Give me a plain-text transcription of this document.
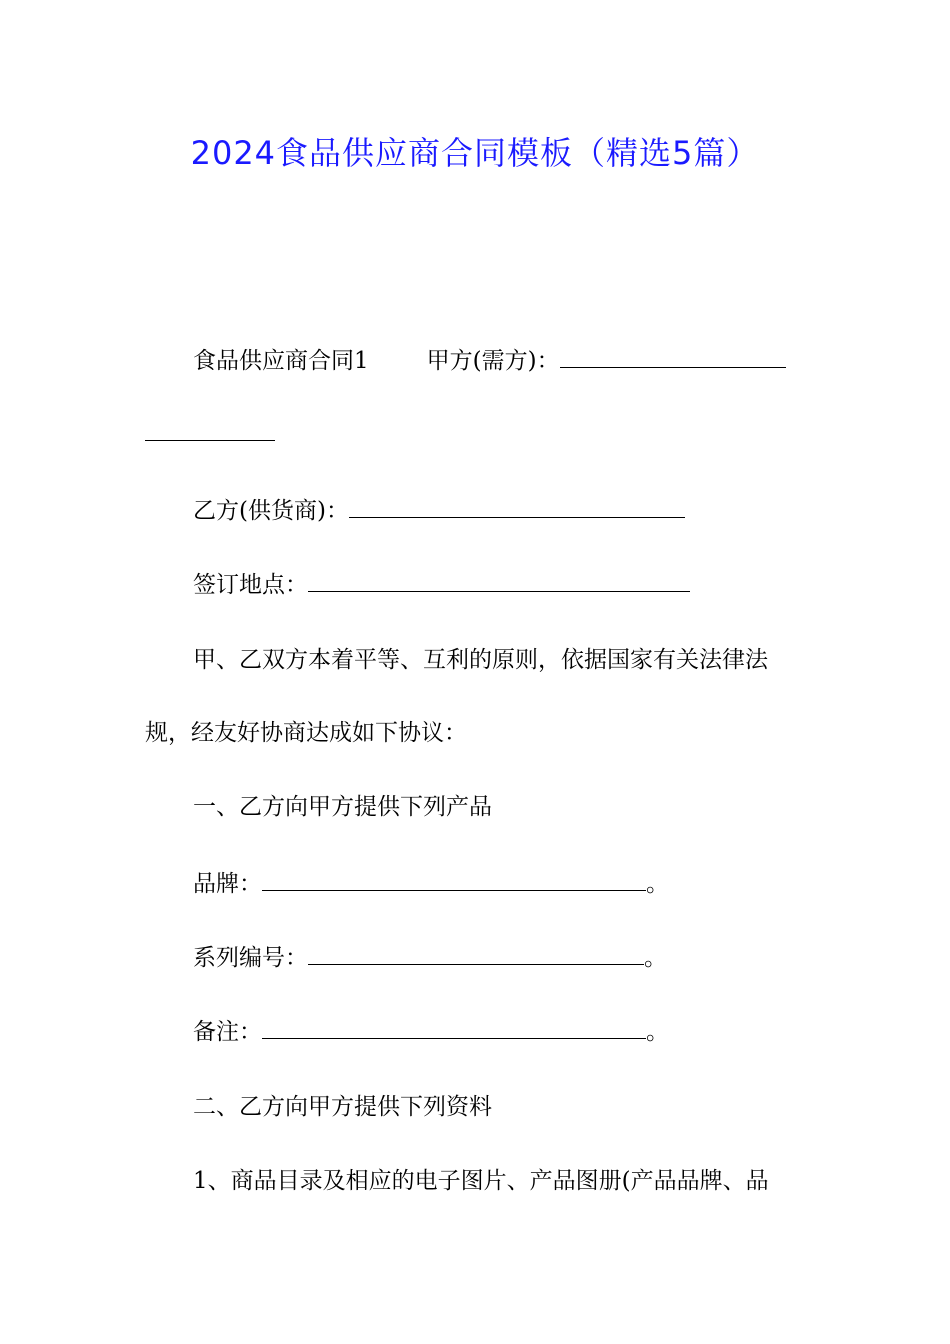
2024食品供应商合同模板（精选5篇）
食品供应商合同1	甲方(需方)：
乙方(供货商)：
签订地点：
甲、乙双方本着平等、互利的原则，依据国家有关法律法
规，经友好协商达成如下协议：
一、乙方向甲方提供下列产品
品牌：	。
系列编号：	。
备注：	。
二、乙方向甲方提供下列资料
1、商品目录及相应的电子图片、产品图册(产品品牌、品
